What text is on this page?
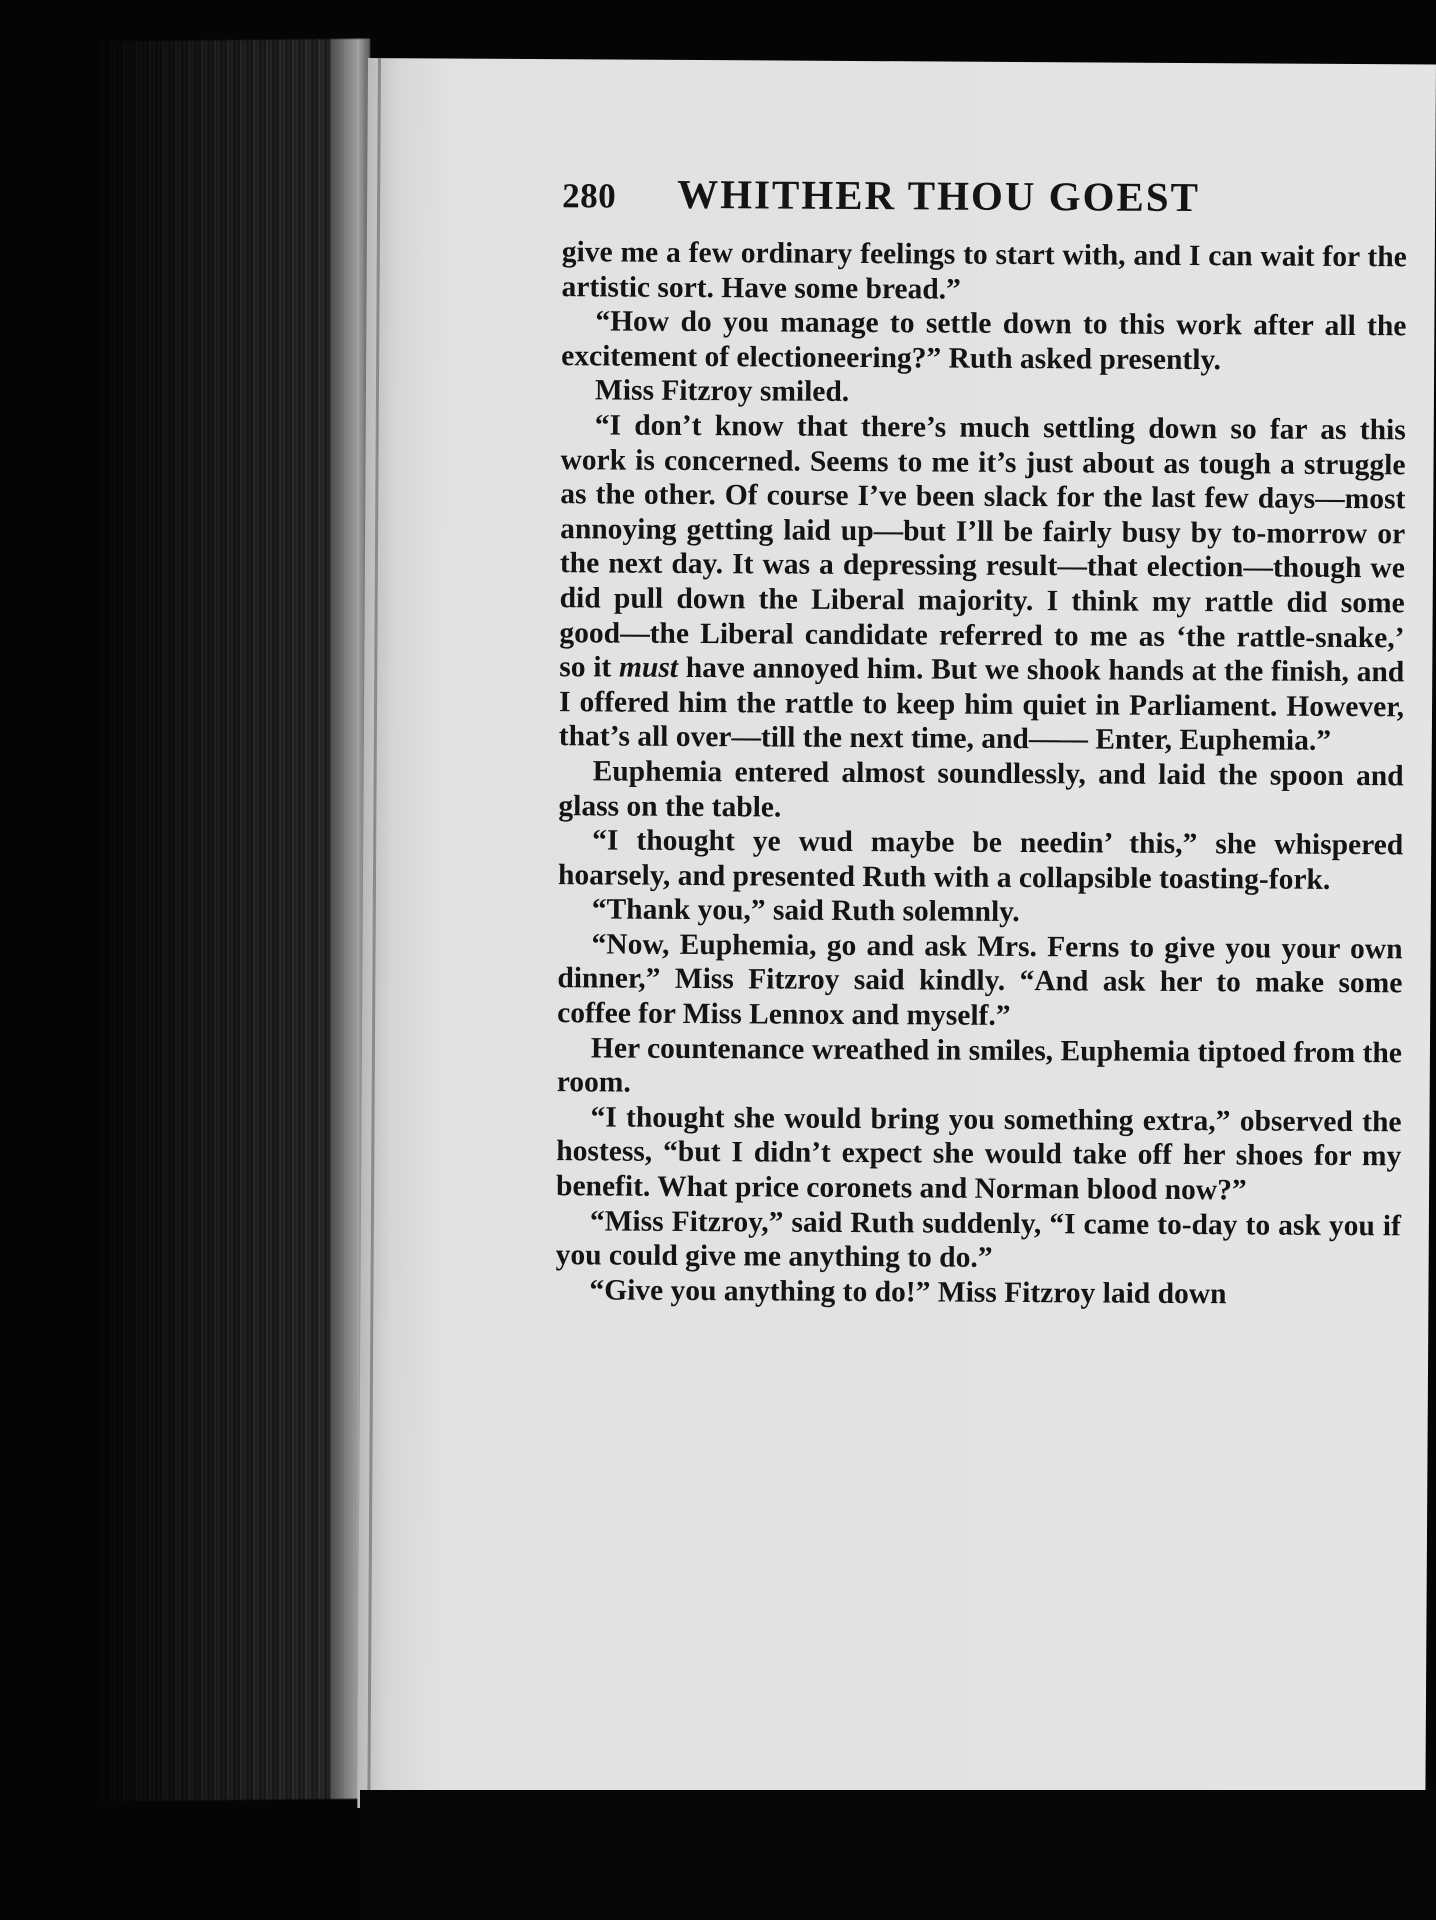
280	WHITHER THOU GOEST

give me a few ordinary feelings to start with, and I can wait for the artistic sort. Have some bread.”

“How do you manage to settle down to this work after all the excitement of electioneering?” Ruth asked presently.

Miss Fitzroy smiled.

“I don’t know that there’s much settling down so far as this work is concerned. Seems to me it’s just about as tough a struggle as the other. Of course I’ve been slack for the last few days—most annoying getting laid up—but I’ll be fairly busy by to-morrow or the next day. It was a depressing result—that election—though we did pull down the Liberal majority. I think my rattle did some good—the Liberal candidate referred to me as ‘the rattle-snake,’ so it must have annoyed him. But we shook hands at the finish, and I offered him the rattle to keep him quiet in Parliament. However, that’s all over—till the next time, and—— Enter, Euphemia.”

Euphemia entered almost soundlessly, and laid the spoon and glass on the table.

“I thought ye wud maybe be needin’ this,” she whispered hoarsely, and presented Ruth with a collapsible toasting-fork.

“Thank you,” said Ruth solemnly.

“Now, Euphemia, go and ask Mrs. Ferns to give you your own dinner,” Miss Fitzroy said kindly. “And ask her to make some coffee for Miss Lennox and myself.”

Her countenance wreathed in smiles, Euphemia tiptoed from the room.

“I thought she would bring you something extra,” observed the hostess, “but I didn’t expect she would take off her shoes for my benefit. What price coronets and Norman blood now?”

“Miss Fitzroy,” said Ruth suddenly, “I came to-day to ask you if you could give me anything to do.”

“Give you anything to do!” Miss Fitzroy laid down
